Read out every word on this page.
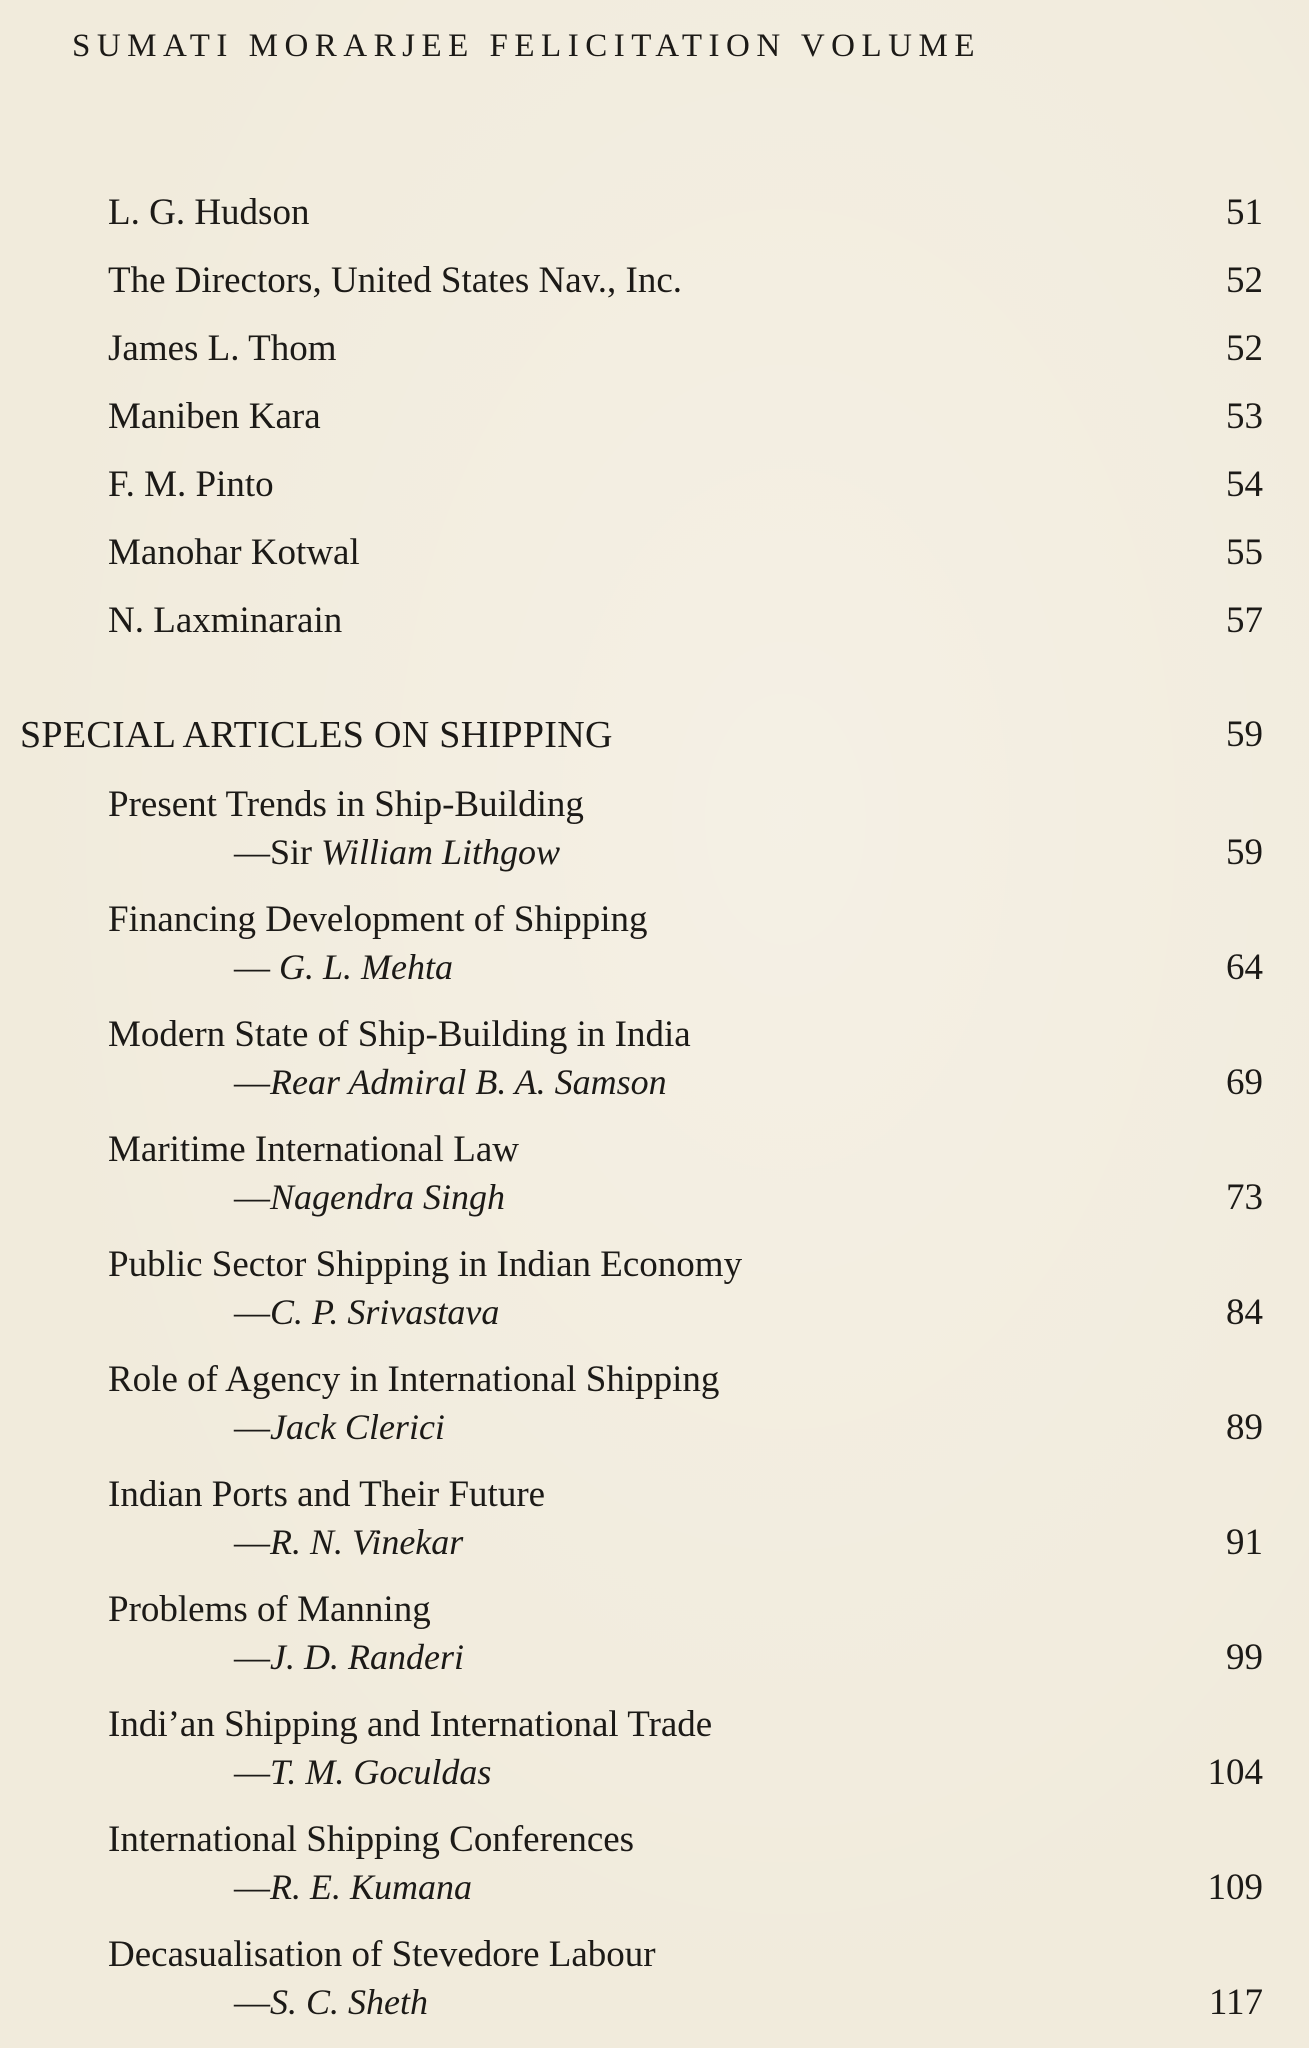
SUMATI MORARJEE FELICITATION VOLUME
L. G. Hudson	51
The Directors, United States Nav., Inc.	52
James L. Thom	52
Maniben Kara	53
F. M. Pinto	54
Manohar Kotwal	55
N. Laxminarain	57
SPECIAL ARTICLES ON SHIPPING	59
Present Trends in Ship-Building
—Sir William Lithgow	59
Financing Development of Shipping
— G. L. Mehta	64
Modern State of Ship-Building in India
—Rear Admiral B. A. Samson	69
Maritime International Law
—Nagendra Singh	73
Public Sector Shipping in Indian Economy
—C. P. Srivastava	84
Role of Agency in International Shipping
—Jack Clerici	89
Indian Ports and Their Future
—R. N. Vinekar	91
Problems of Manning
—J. D. Randeri	99
Indi’an Shipping and International Trade
—T. M. Goculdas	104
International Shipping Conferences
—R. E. Kumana	109
Decasualisation of Stevedore Labour
—S. C. Sheth	117
